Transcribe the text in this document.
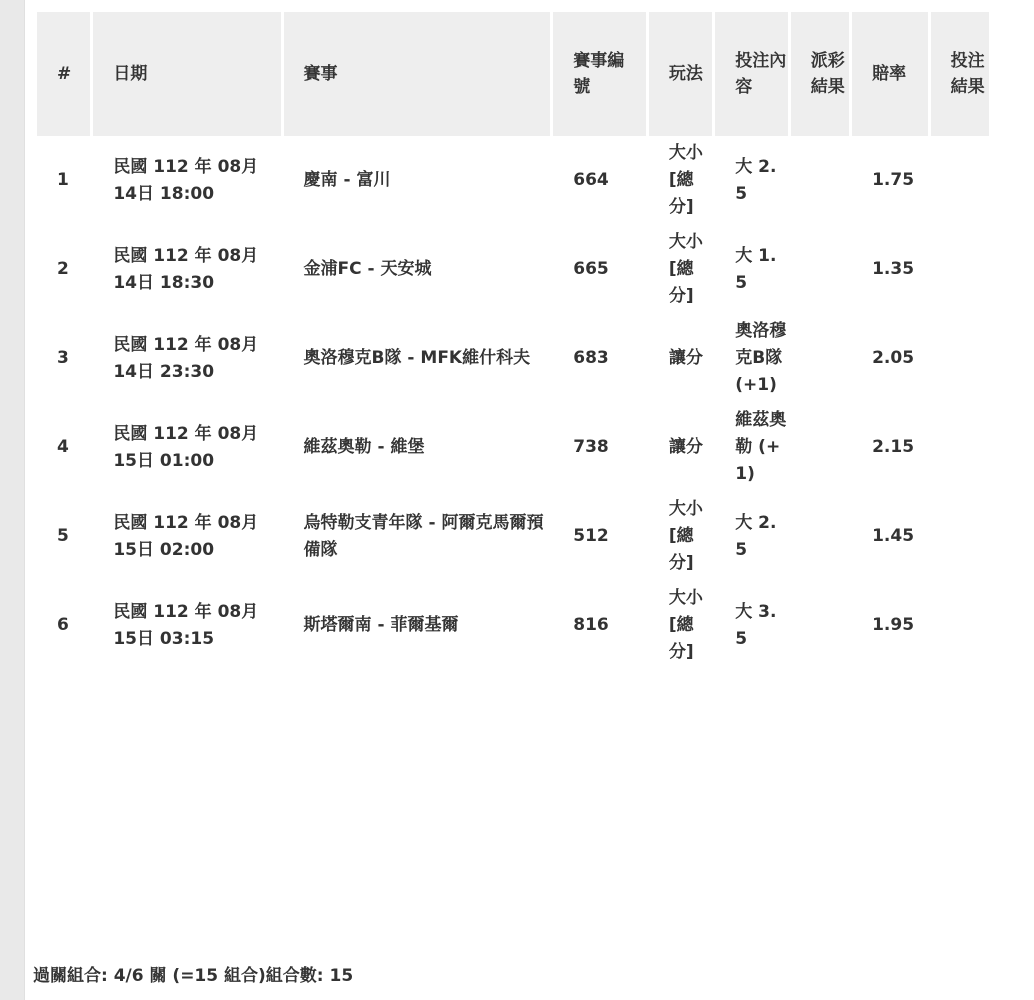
#	日期	賽事	賽事編號	玩法	投注內容	派彩結果	賠率	投注結果
1	民國 112 年 08月 14日 18:00	慶南 - 富川	664	大小[總分]	大 2.5		1.75	
2	民國 112 年 08月 14日 18:30	金浦FC - 天安城	665	大小[總分]	大 1.5		1.35	
3	民國 112 年 08月 14日 23:30	奧洛穆克B隊 - MFK維什科夫	683	讓分	奧洛穆克B隊 (+1)		2.05	
4	民國 112 年 08月 15日 01:00	維茲奧勒 - 維堡	738	讓分	維茲奧勒 (+1)		2.15	
5	民國 112 年 08月 15日 02:00	烏特勒支青年隊 - 阿爾克馬爾預備隊	512	大小[總分]	大 2.5		1.45	
6	民國 112 年 08月 15日 03:15	斯塔爾南 - 菲爾基爾	816	大小[總分]	大 3.5		1.95	
過關組合: 4/6 關 (=15 組合)組合數: 15
